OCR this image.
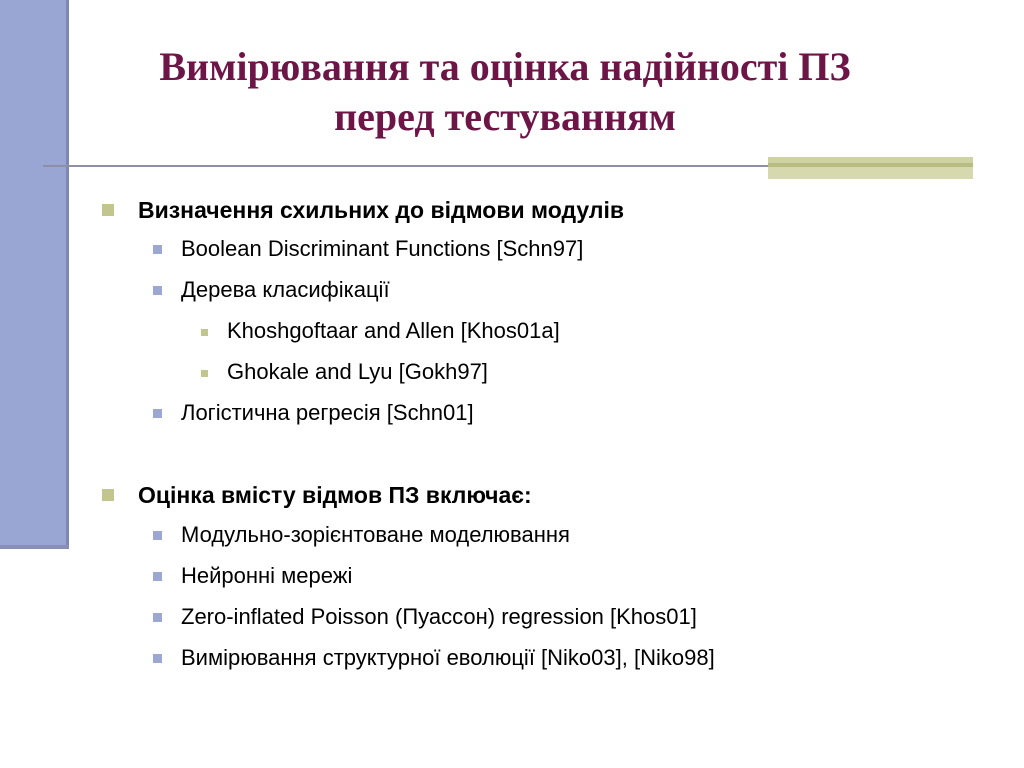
Вимірювання та оцінка надійності ПЗ
перед тестуванням
Визначення схильних до відмови модулів
Boolean Discriminant Functions [Schn97]
Дерева класифікації
Khoshgoftaar and Allen [Khos01a]
Ghokale and Lyu [Gokh97]
Логістична регресія [Schn01]
Оцінка вмісту відмов ПЗ включає:
Модульно-зорієнтоване моделювання
Нейронні мережі
Zero-inflated Poisson (Пуассон) regression [Khos01]
Вимірювання структурної еволюції [Niko03], [Niko98]
